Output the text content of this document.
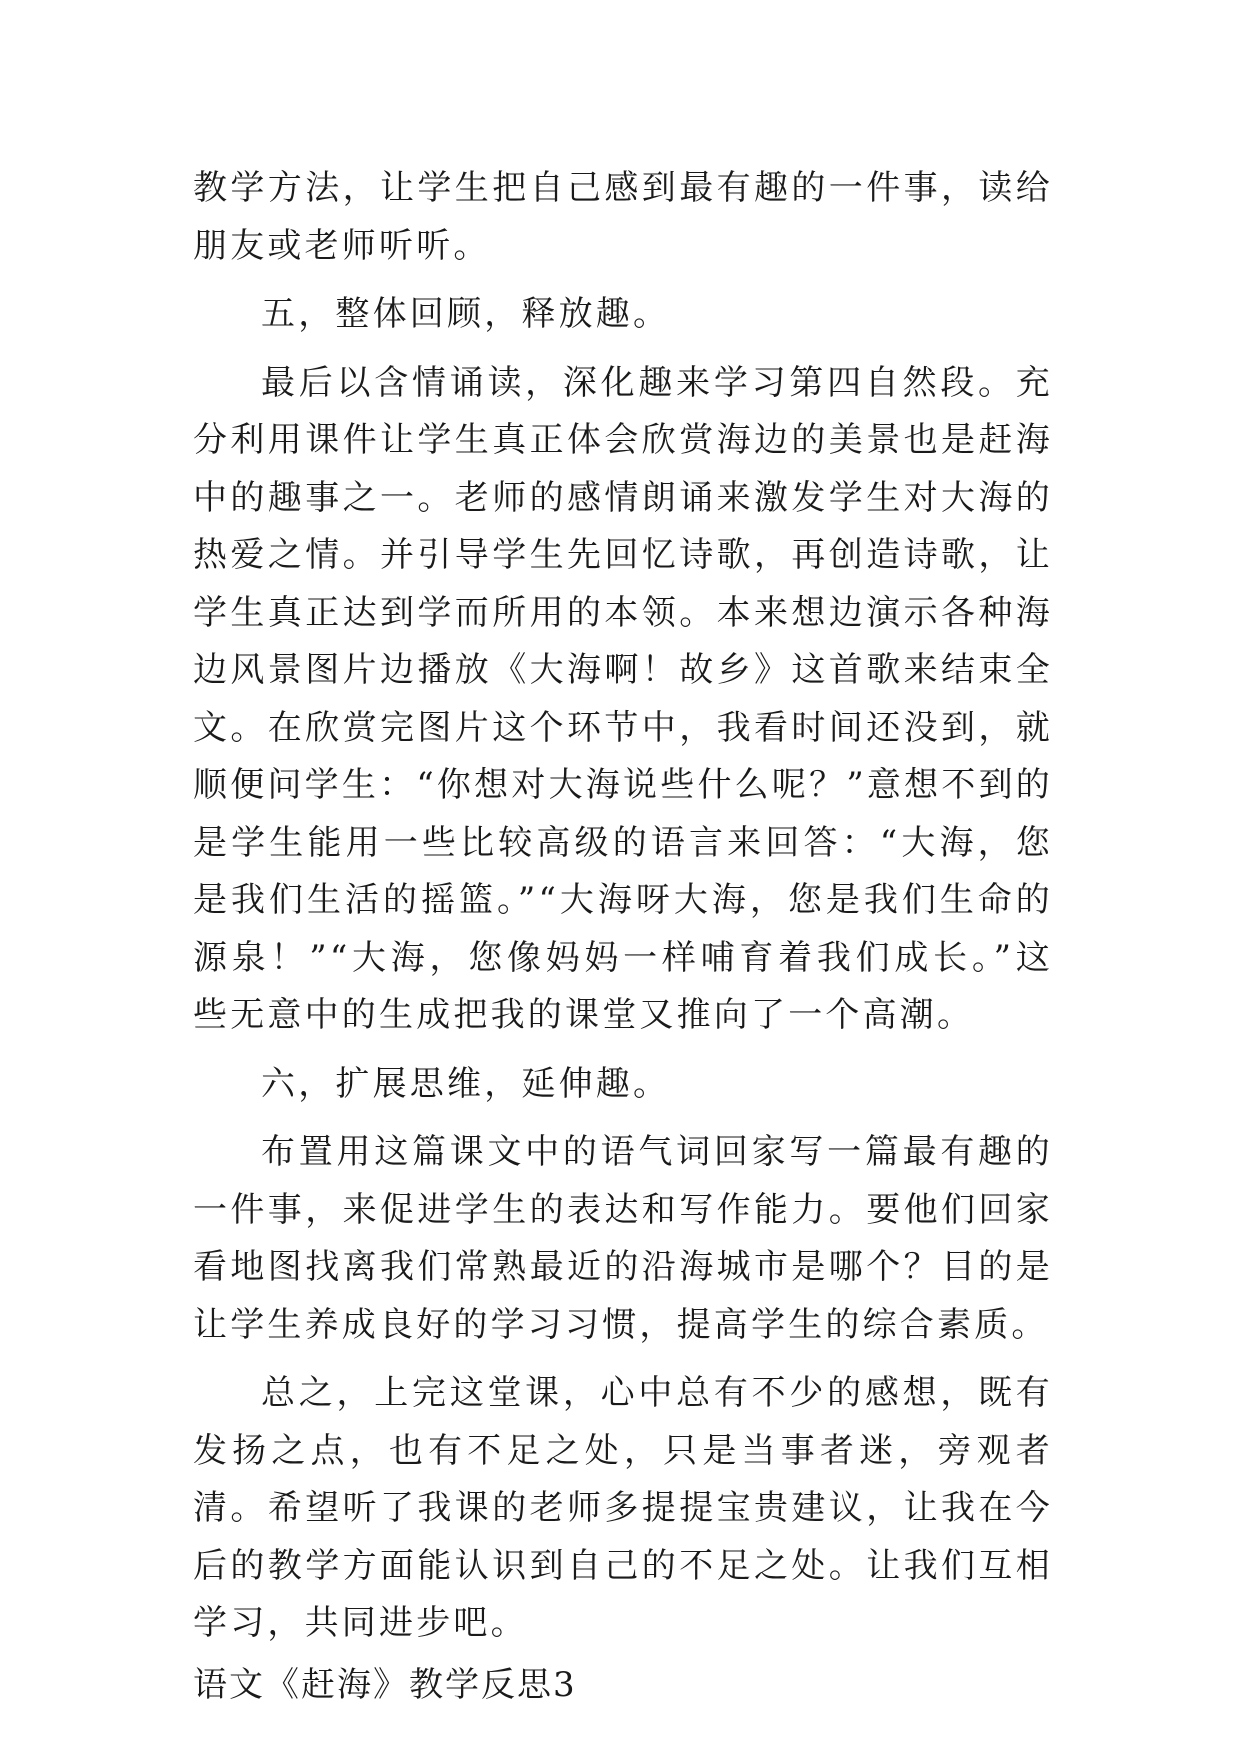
教学方法，让学生把自己感到最有趣的一件事，读给朋友或老师听听。

五，整体回顾，释放趣。

最后以含情诵读，深化趣来学习第四自然段。充分利用课件让学生真正体会欣赏海边的美景也是赶海中的趣事之一。老师的感情朗诵来激发学生对大海的热爱之情。并引导学生先回忆诗歌，再创造诗歌，让学生真正达到学而所用的本领。本来想边演示各种海边风景图片边播放《大海啊！故乡》这首歌来结束全文。在欣赏完图片这个环节中，我看时间还没到，就顺便问学生：“你想对大海说些什么呢？”意想不到的是学生能用一些比较高级的语言来回答：“大海，您是我们生活的摇篮。”“大海呀大海，您是我们生命的源泉！”“大海，您像妈妈一样哺育着我们成长。”这些无意中的生成把我的课堂又推向了一个高潮。

六，扩展思维，延伸趣。

布置用这篇课文中的语气词回家写一篇最有趣的一件事，来促进学生的表达和写作能力。要他们回家看地图找离我们常熟最近的沿海城市是哪个？目的是让学生养成良好的学习习惯，提高学生的综合素质。

总之，上完这堂课，心中总有不少的感想，既有发扬之点，也有不足之处，只是当事者迷，旁观者清。希望听了我课的老师多提提宝贵建议，让我在今后的教学方面能认识到自己的不足之处。让我们互相学习，共同进步吧。

语文《赶海》教学反思3
